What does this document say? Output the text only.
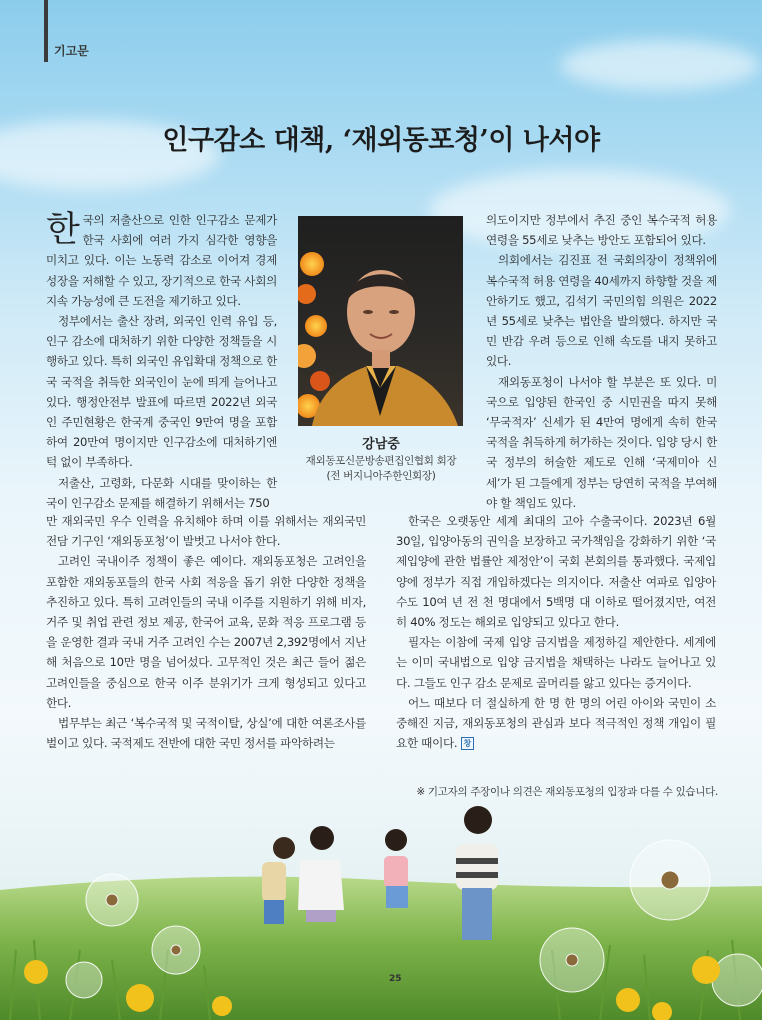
기고문
인구감소 대책, ‘재외동포청’이 나서야

한국의 저출산으로 인한 인구감소 문제가 한국 사회에 여러 가지 심각한 영향을 미치고 있다. 이는 노동력 감소로 이어져 경제 성장을 저해할 수 있고, 장기적으로 한국 사회의 지속 가능성에 큰 도전을 제기하고 있다.

정부에서는 출산 장려, 외국인 인력 유입 등, 인구 감소에 대처하기 위한 다양한 정책들을 시행하고 있다. 특히 외국인 유입확대 정책으로 한국 국적을 취득한 외국인이 눈에 띄게 늘어나고 있다. 행정안전부 발표에 따르면 2022년 외국인 주민현황은 한국계 중국인 9만여 명을 포함하여 20만여 명이지만 인구감소에 대처하기엔 턱 없이 부족하다.

저출산, 고령화, 다문화 시대를 맞이하는 한국이 인구감소 문제를 해결하기 위해서는 750

만 재외국민 우수 인력을 유치해야 하며 이를 위해서는 재외국민 전담 기구인 ‘재외동포청’이 발벗고 나서야 한다.

고려인 국내이주 정책이 좋은 예이다. 재외동포청은 고려인을 포함한 재외동포들의 한국 사회 적응을 돕기 위한 다양한 정책을 추진하고 있다. 특히 고려인들의 국내 이주를 지원하기 위해 비자, 거주 및 취업 관련 정보 제공, 한국어 교육, 문화 적응 프로그램 등을 운영한 결과 국내 거주 고려인 수는 2007년 2,392명에서 지난해 처음으로 10만 명을 넘어섰다. 고무적인 것은 최근 들어 젊은 고려인들을 중심으로 한국 이주 분위기가 크게 형성되고 있다고 한다.

법무부는 최근 ‘복수국적 및 국적이탈, 상실’에 대한 여론조사를 벌이고 있다. 국적제도 전반에 대한 국민 정서를 파악하려는

강남중
재외동포신문방송편집인협회 회장
(전 버지니아주한인회장)

의도이지만 정부에서 추진 중인 복수국적 허용 연령을 55세로 낮추는 방안도 포함되어 있다.

의회에서는 김진표 전 국회의장이 정책위에 복수국적 허용 연령을 40세까지 하향할 것을 제안하기도 했고, 김석기 국민의힘 의원은 2022년 55세로 낮추는 법안을 발의했다. 하지만 국민 반감 우려 등으로 인해 속도를 내지 못하고 있다.

재외동포청이 나서야 할 부분은 또 있다. 미국으로 입양된 한국인 중 시민권을 따지 못해 ‘무국적자’ 신세가 된 4만여 명에게 속히 한국 국적을 취득하게 허가하는 것이다. 입양 당시 한국 정부의 허술한 제도로 인해 ‘국제미아 신세’가 된 그들에게 정부는 당연히 국적을 부여해야 할 책임도 있다.

한국은 오랫동안 세계 최대의 고아 수출국이다. 2023년 6월 30일, 입양아동의 권익을 보장하고 국가책임을 강화하기 위한 ‘국제입양에 관한 법률안 제정안’이 국회 본회의를 통과했다. 국제입양에 정부가 직접 개입하겠다는 의지이다. 저출산 여파로 입양아 수도 10여 년 전 천 명대에서 5백명 대 이하로 떨어졌지만, 여전히 40% 정도는 해외로 입양되고 있다고 한다.

필자는 이참에 국제 입양 금지법을 제정하길 제안한다. 세계에는 이미 국내법으로 입양 금지법을 채택하는 나라도 늘어나고 있다. 그들도 인구 감소 문제로 골머리를 앓고 있다는 증거이다.

어느 때보다 더 절실하게 한 명 한 명의 어린 아이와 국민이 소중해진 지금, 재외동포청의 관심과 보다 적극적인 정책 개입이 필요한 때이다. 창

※ 기고자의 주장이나 의견은 재외동포청의 입장과 다를 수 있습니다.
25
